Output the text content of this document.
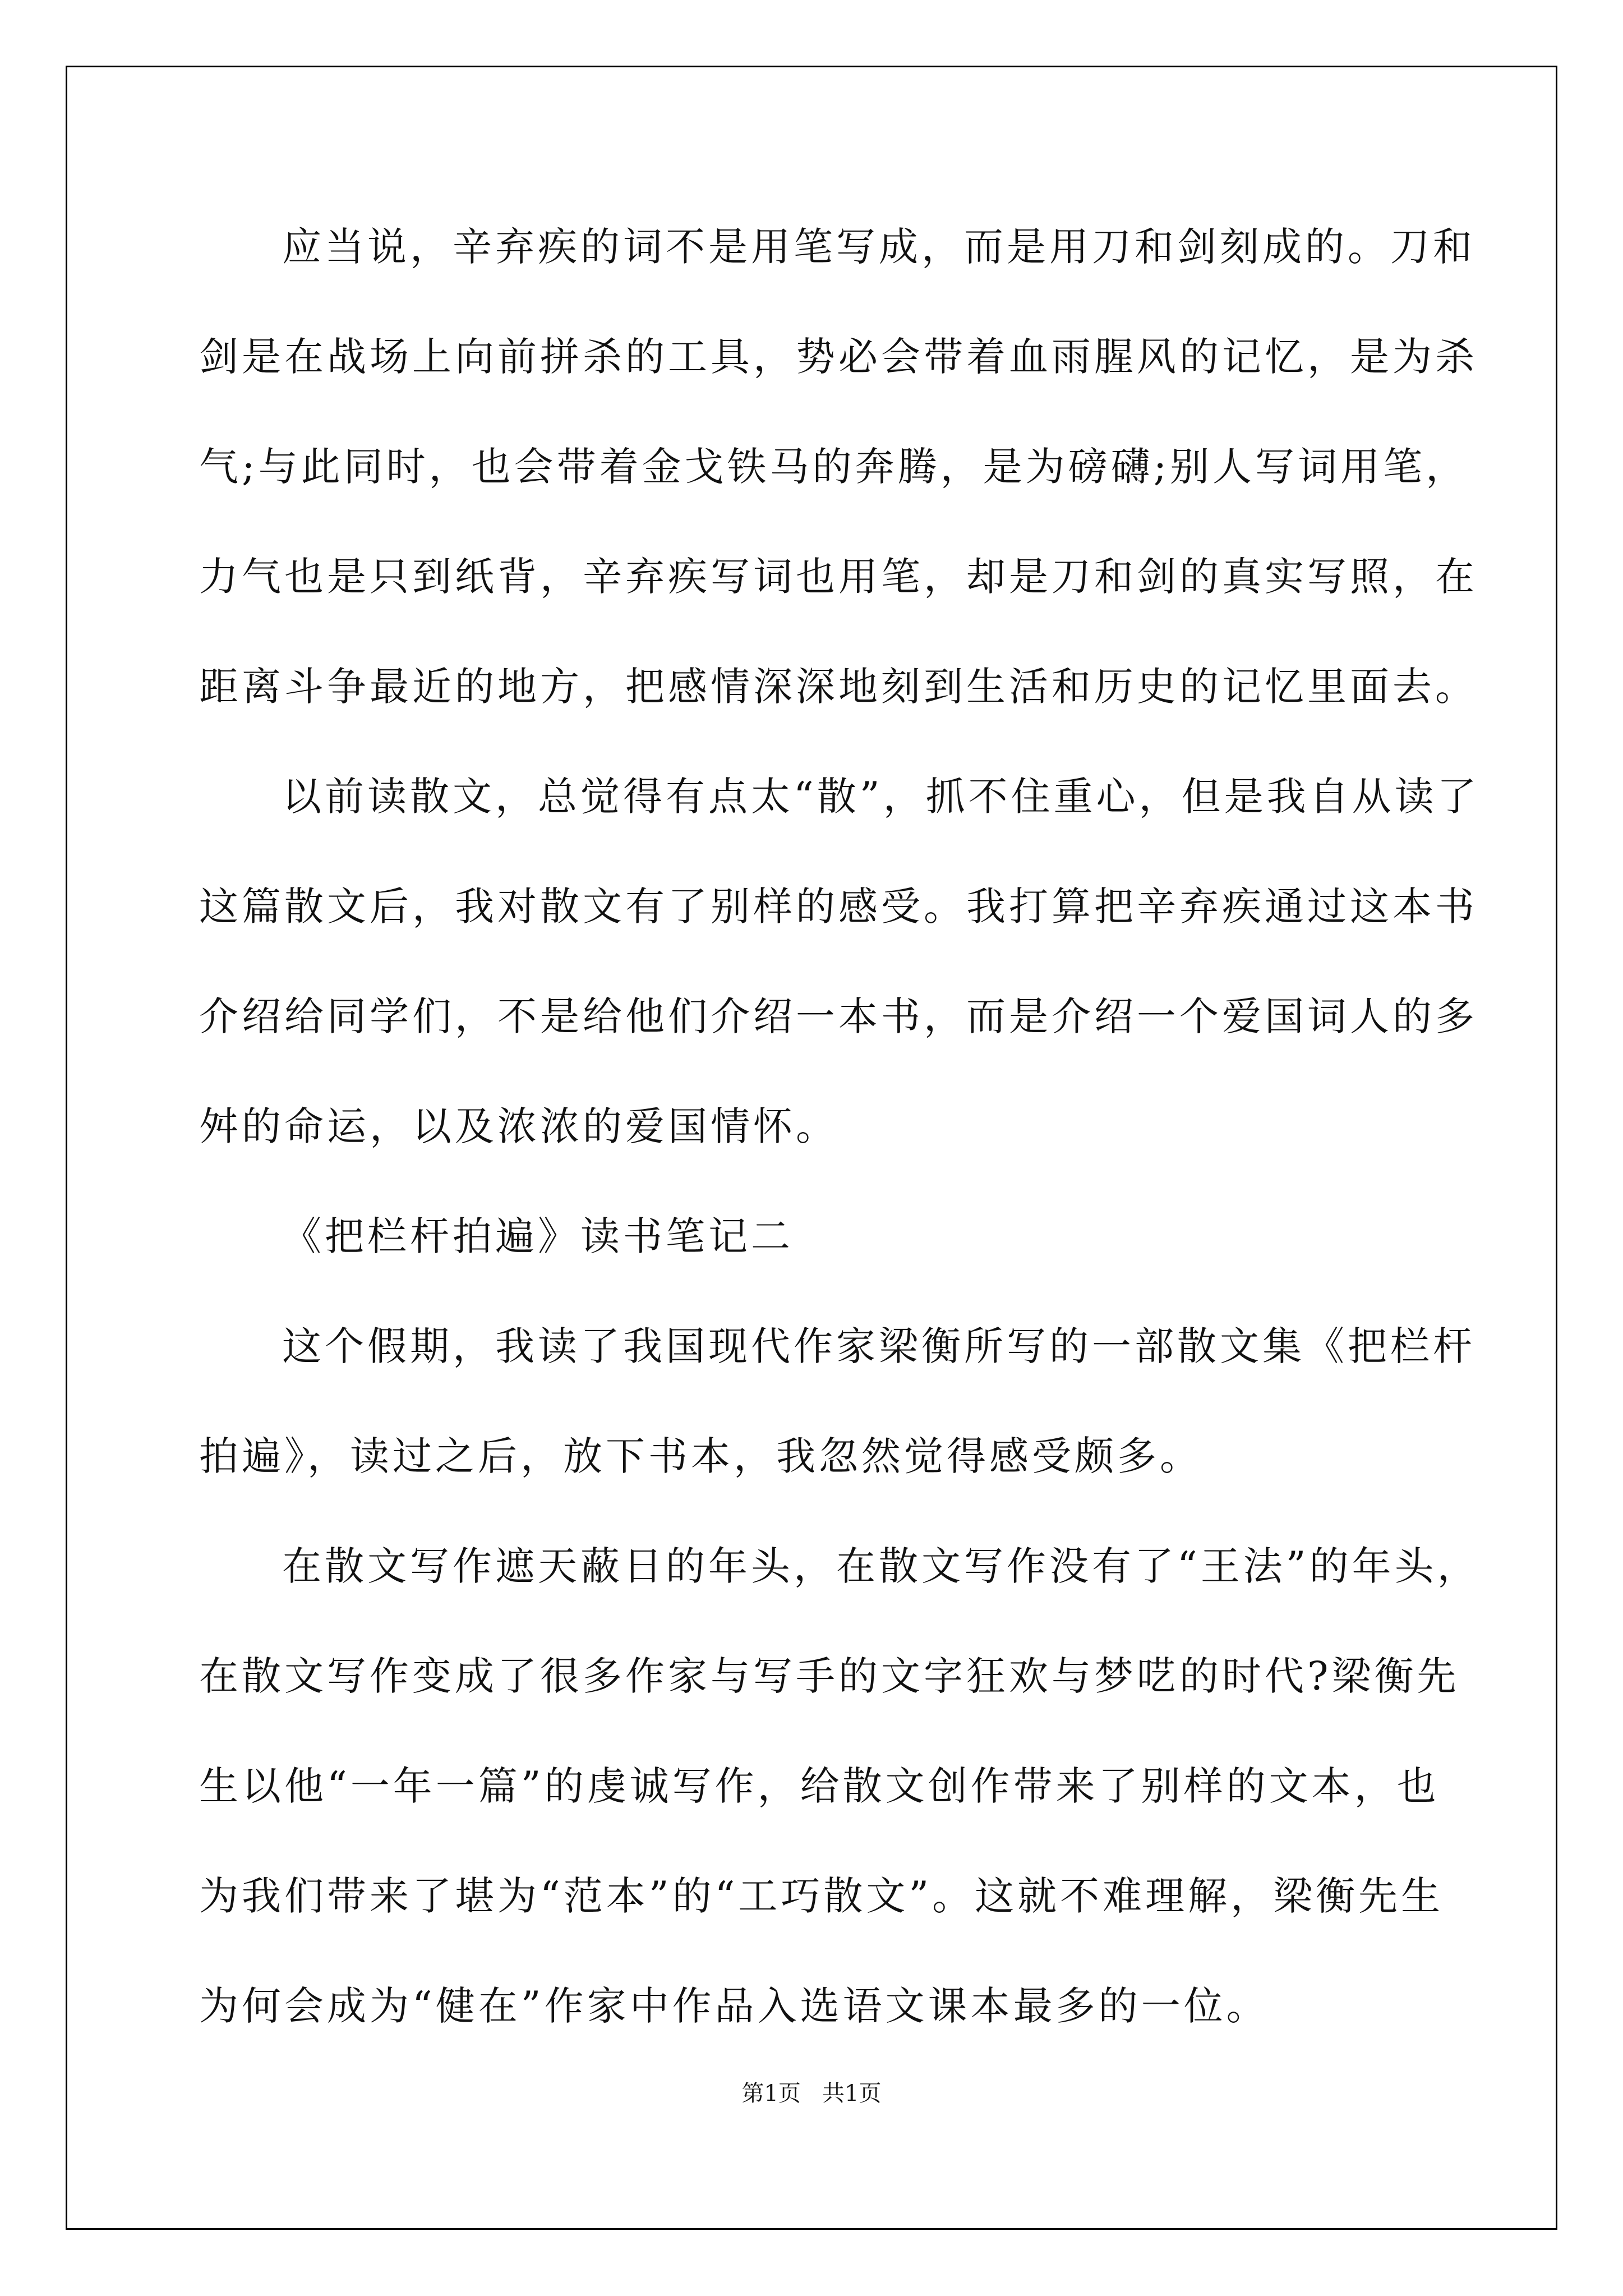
应当说，辛弃疾的词不是用笔写成，而是用刀和剑刻成的。刀和
剑是在战场上向前拼杀的工具，势必会带着血雨腥风的记忆，是为杀
气;与此同时，也会带着金戈铁马的奔腾，是为磅礴;别人写词用笔，
力气也是只到纸背，辛弃疾写词也用笔，却是刀和剑的真实写照，在
距离斗争最近的地方，把感情深深地刻到生活和历史的记忆里面去。
以前读散文，总觉得有点太“散”，抓不住重心，但是我自从读了
这篇散文后，我对散文有了别样的感受。我打算把辛弃疾通过这本书
介绍给同学们，不是给他们介绍一本书，而是介绍一个爱国词人的多
舛的命运，以及浓浓的爱国情怀。
《把栏杆拍遍》读书笔记二
这个假期，我读了我国现代作家梁衡所写的一部散文集《把栏杆
拍遍》，读过之后，放下书本，我忽然觉得感受颇多。
在散文写作遮天蔽日的年头，在散文写作没有了“王法”的年头，
在散文写作变成了很多作家与写手的文字狂欢与梦呓的时代?梁衡先
生以他“一年一篇”的虔诚写作，给散文创作带来了别样的文本，也
为我们带来了堪为“范本”的“工巧散文”。这就不难理解，梁衡先生
为何会成为“健在”作家中作品入选语文课本最多的一位。
第1页   共1页
